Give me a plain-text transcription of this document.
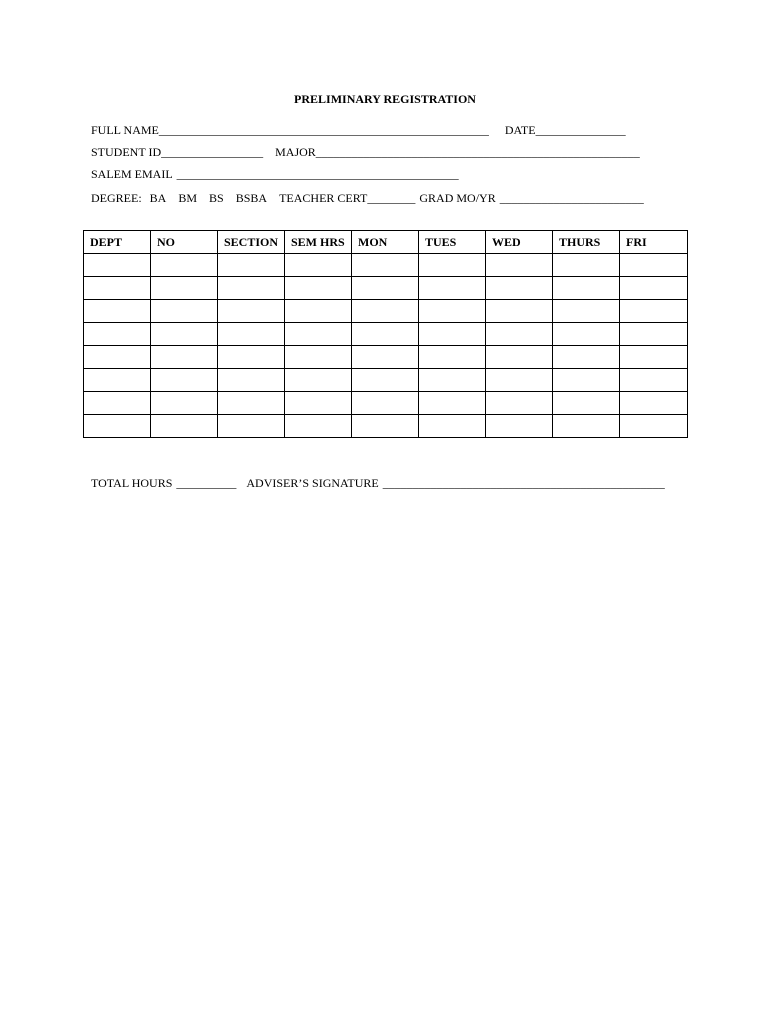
PRELIMINARY REGISTRATION
FULL NAME_______________________________________________________ DATE_______________
STUDENT ID_________________ MAJOR______________________________________________________
SALEM EMAIL _______________________________________________
DEGREE: BA BM BS BSBA TEACHER CERT________ GRAD MO/YR ________________________
DEPT	NO	SECTION	SEM HRS	MON	TUES	WED	THURS	FRI

TOTAL HOURS __________ ADVISER’S SIGNATURE _______________________________________________
